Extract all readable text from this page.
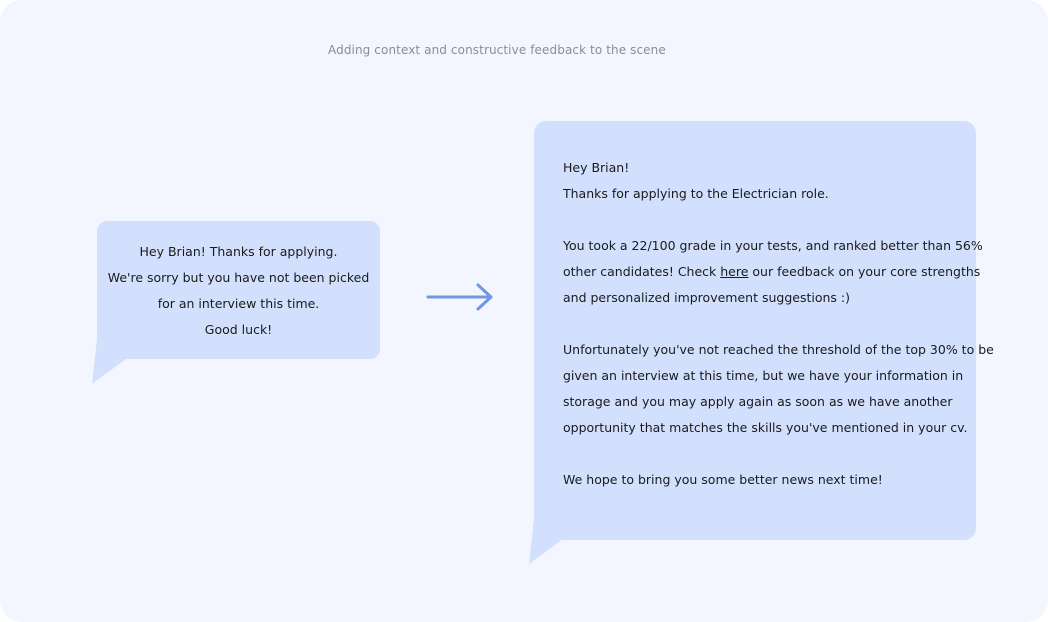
Adding context and constructive feedback to the scene
Hey Brian! Thanks for applying.
We're sorry but you have not been picked
for an interview this time.
Good luck!
Hey Brian!
Thanks for applying to the Electrician role.
You took a 22/100 grade in your tests, and ranked better than 56%
other candidates! Check here our feedback on your core strengths
and personalized improvement suggestions :)
Unfortunately you've not reached the threshold of the top 30% to be
given an interview at this time, but we have your information in
storage and you may apply again as soon as we have another
opportunity that matches the skills you've mentioned in your cv.
We hope to bring you some better news next time!
